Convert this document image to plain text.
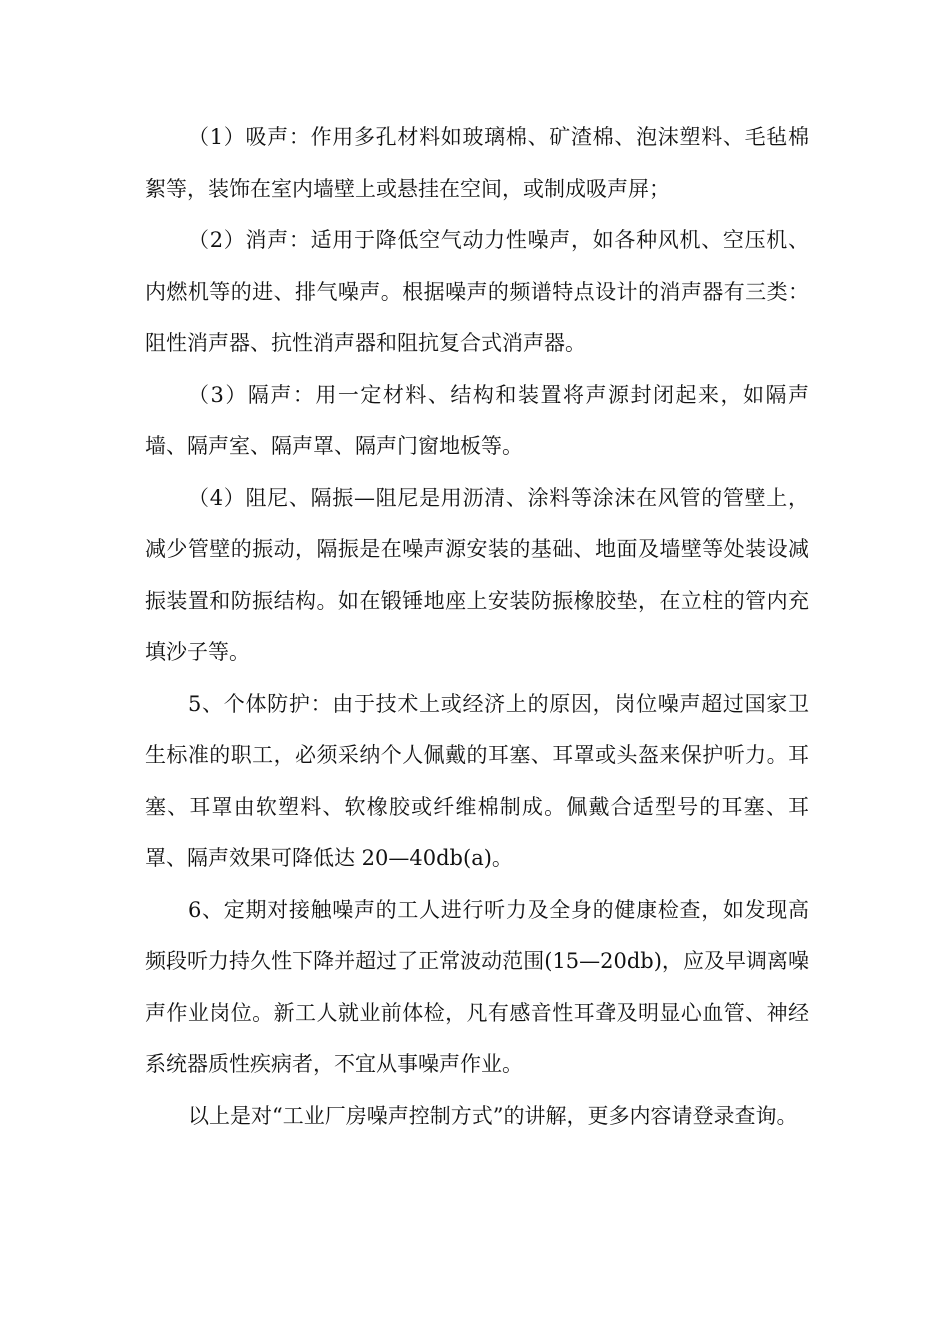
（1）吸声：作用多孔材料如玻璃棉、矿渣棉、泡沫塑料、毛毡棉絮等，装饰在室内墙壁上或悬挂在空间，或制成吸声屏；

（2）消声：适用于降低空气动力性噪声，如各种风机、空压机、内燃机等的进、排气噪声。根据噪声的频谱特点设计的消声器有三类：阻性消声器、抗性消声器和阻抗复合式消声器。

（3）隔声：用一定材料、结构和装置将声源封闭起来，如隔声墙、隔声室、隔声罩、隔声门窗地板等。

（4）阻尼、隔振—阻尼是用沥清、涂料等涂沫在风管的管壁上，减少管壁的振动，隔振是在噪声源安装的基础、地面及墙壁等处装设减振装置和防振结构。如在锻锤地座上安装防振橡胶垫，在立柱的管内充填沙子等。

5、个体防护：由于技术上或经济上的原因，岗位噪声超过国家卫生标准的职工，必须采纳个人佩戴的耳塞、耳罩或头盔来保护听力。耳塞、耳罩由软塑料、软橡胶或纤维棉制成。佩戴合适型号的耳塞、耳罩、隔声效果可降低达 20—40db(a)。

6、定期对接触噪声的工人进行听力及全身的健康检查，如发现高频段听力持久性下降并超过了正常波动范围(15—20db)，应及早调离噪声作业岗位。新工人就业前体检，凡有感音性耳聋及明显心血管、神经系统器质性疾病者，不宜从事噪声作业。

以上是对“工业厂房噪声控制方式”的讲解，更多内容请登录查询。
